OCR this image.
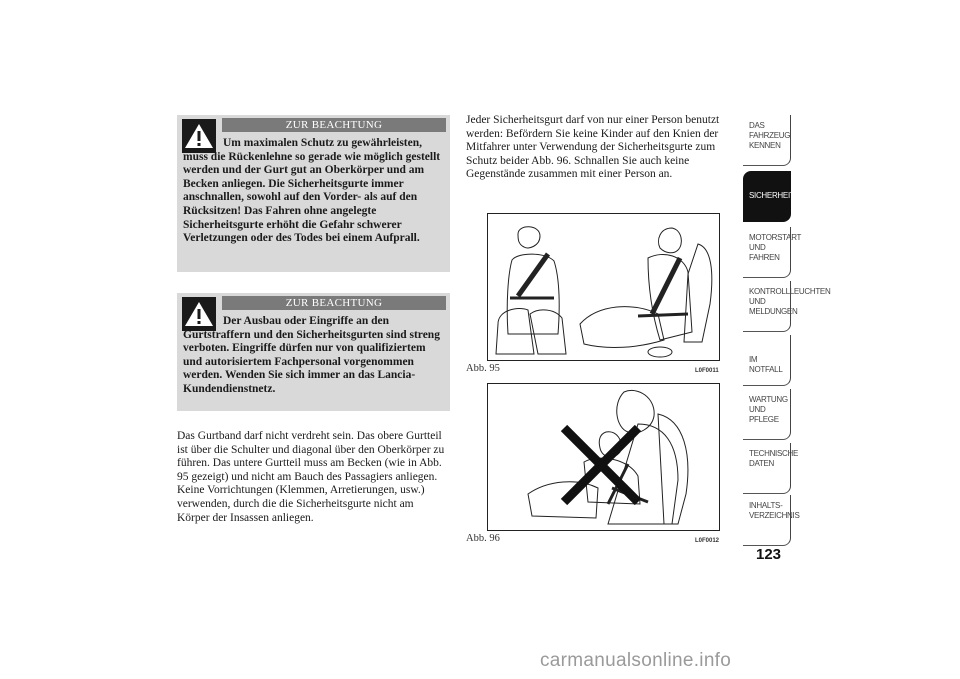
ZUR BEACHTUNG

Um maximalen Schutz zu gewährleisten, muss die Rückenlehne so gerade wie möglich gestellt werden und der Gurt gut an Oberkörper und am Becken anliegen. Die Sicherheitsgurte immer anschnallen, sowohl auf den Vorder- als auf den Rücksitzen! Das Fahren ohne angelegte Sicherheitsgurte erhöht die Gefahr schwerer Verletzungen oder des Todes bei einem Aufprall.

ZUR BEACHTUNG

Der Ausbau oder Eingriffe an den Gurtstraffern und den Sicherheitsgurten sind streng verboten. Eingriffe dürfen nur von qualifiziertem und autorisiertem Fachpersonal vorgenommen werden. Wenden Sie sich immer an das Lancia-Kundendienstnetz.

Das Gurtband darf nicht verdreht sein. Das obere Gurtteil ist über die Schulter und diagonal über den Oberkörper zu führen. Das untere Gurtteil muss am Becken (wie in Abb. 95 gezeigt) und nicht am Bauch des Passagiers anliegen. Keine Vorrichtungen (Klemmen, Arretierungen, usw.) verwenden, durch die die Sicherheitsgurte nicht am Körper der Insassen anliegen.

Jeder Sicherheitsgurt darf von nur einer Person benutzt werden: Befördern Sie keine Kinder auf den Knien der Mitfahrer unter Verwendung der Sicherheitsgurte zum Schutz beider Abb. 96. Schnallen Sie auch keine Gegenstände zusammen mit einer Person an.

Abb. 95	L0F0011
Abb. 96	L0F0012
DAS FAHRZEUG KENNEN
SICHERHEIT
MOTORSTART UND FAHREN
KONTROLLLEUCHTEN UND MELDUNGEN
IM NOTFALL
WARTUNG UND PFLEGE
TECHNISCHE DATEN
INHALTS-VERZEICHNIS
123
carmanualsonline.info
